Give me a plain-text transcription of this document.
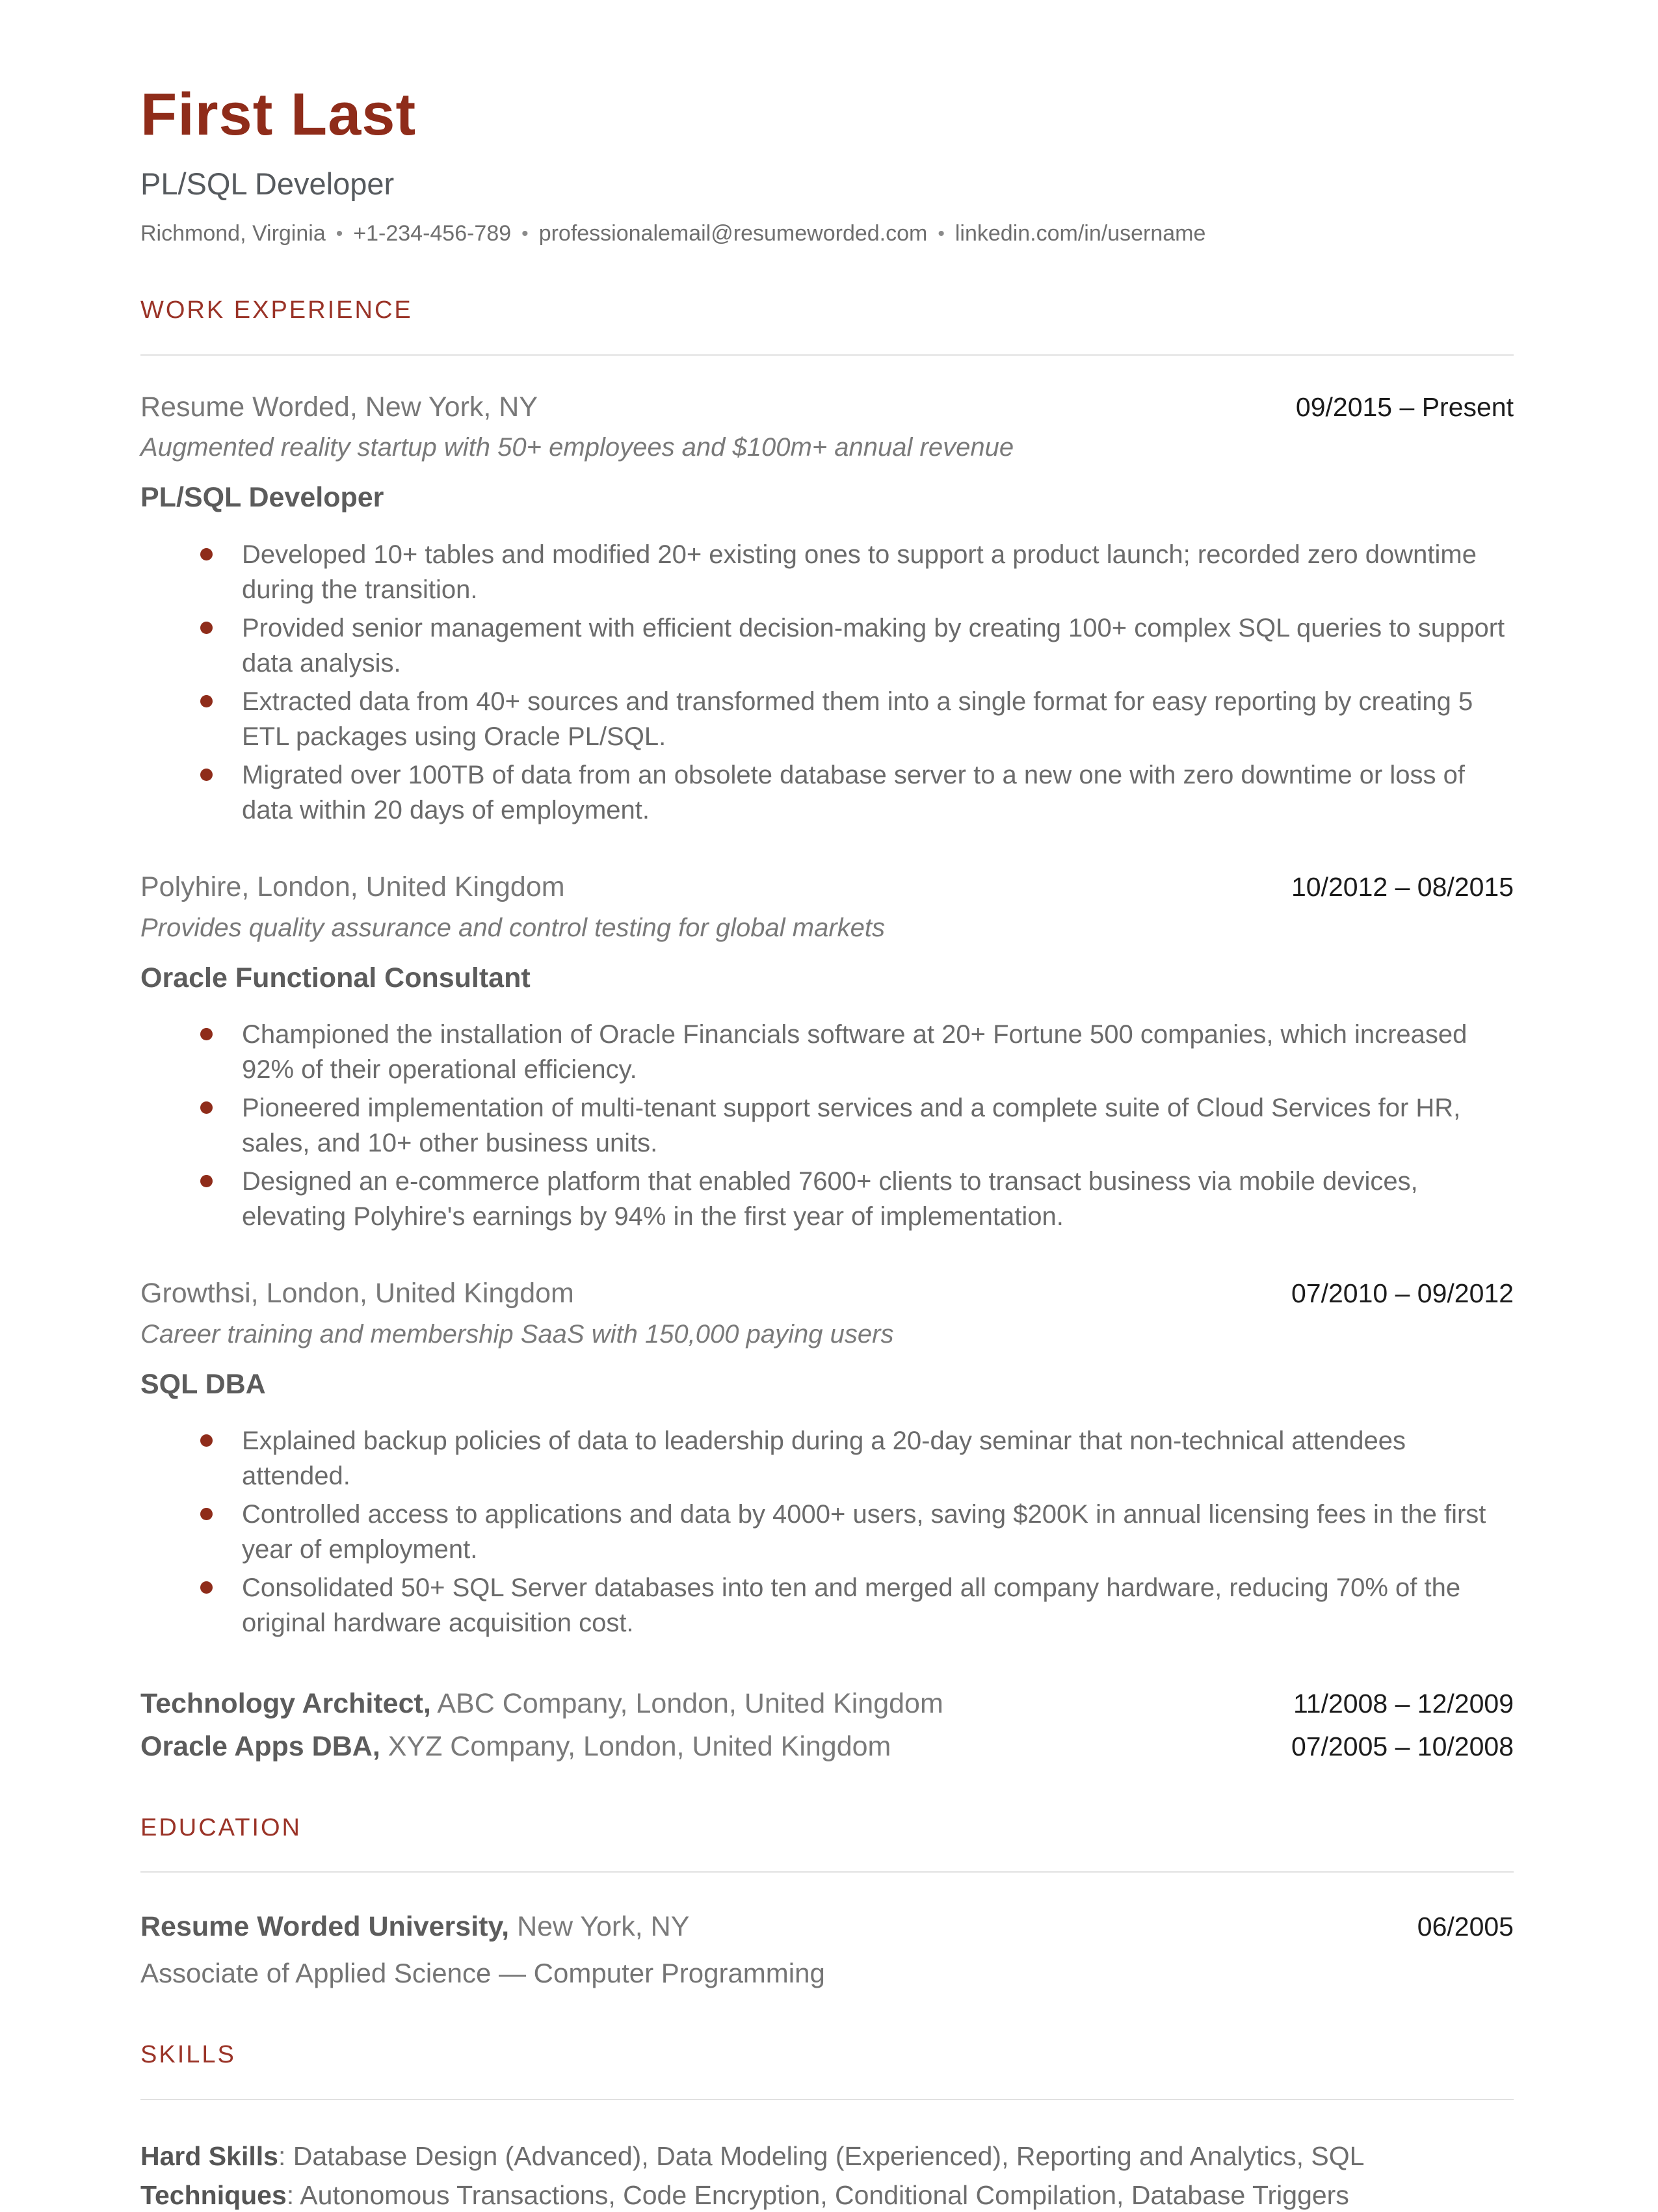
First Last
PL/SQL Developer
Richmond, Virginia • +1-234-456-789 • professionalemail@resumeworded.com • linkedin.com/in/username
WORK EXPERIENCE
Resume Worded, New York, NY	09/2015 – Present
Augmented reality startup with 50+ employees and $100m+ annual revenue
PL/SQL Developer
Developed 10+ tables and modified 20+ existing ones to support a product launch; recorded zero downtime during the transition.
Provided senior management with efficient decision-making by creating 100+ complex SQL queries to support data analysis.
Extracted data from 40+ sources and transformed them into a single format for easy reporting by creating 5 ETL packages using Oracle PL/SQL.
Migrated over 100TB of data from an obsolete database server to a new one with zero downtime or loss of data within 20 days of employment.
Polyhire, London, United Kingdom	10/2012 – 08/2015
Provides quality assurance and control testing for global markets
Oracle Functional Consultant
Championed the installation of Oracle Financials software at 20+ Fortune 500 companies, which increased 92% of their operational efficiency.
Pioneered implementation of multi-tenant support services and a complete suite of Cloud Services for HR, sales, and 10+ other business units.
Designed an e-commerce platform that enabled 7600+ clients to transact business via mobile devices, elevating Polyhire's earnings by 94% in the first year of implementation.
Growthsi, London, United Kingdom	07/2010 – 09/2012
Career training and membership SaaS with 150,000 paying users
SQL DBA
Explained backup policies of data to leadership during a 20-day seminar that non-technical attendees attended.
Controlled access to applications and data by 4000+ users, saving $200K in annual licensing fees in the first year of employment.
Consolidated 50+ SQL Server databases into ten and merged all company hardware, reducing 70% of the original hardware acquisition cost.
Technology Architect, ABC Company, London, United Kingdom	11/2008 – 12/2009
Oracle Apps DBA, XYZ Company, London, United Kingdom	07/2005 – 10/2008
EDUCATION
Resume Worded University, New York, NY	06/2005
Associate of Applied Science — Computer Programming
SKILLS
Hard Skills: Database Design (Advanced), Data Modeling (Experienced), Reporting and Analytics, SQL
Techniques: Autonomous Transactions, Code Encryption, Conditional Compilation, Database Triggers
